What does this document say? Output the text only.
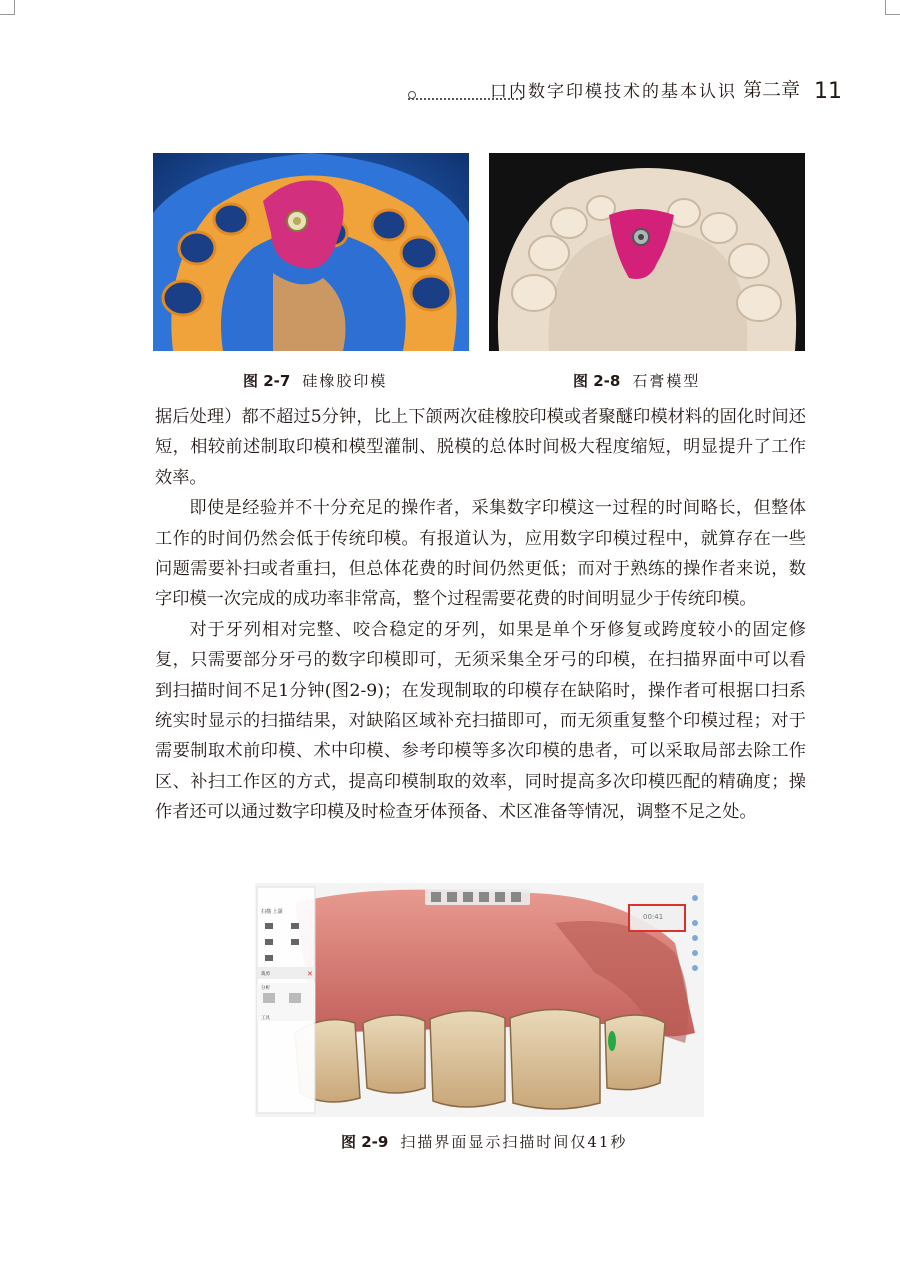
口内数字印模技术的基本认识 第二章 11
图 2-7 硅橡胶印模	图 2-8 石膏模型

据后处理）都不超过5分钟，比上下颌两次硅橡胶印模或者聚醚印模材料的固化时间还短，相较前述制取印模和模型灌制、脱模的总体时间极大程度缩短，明显提升了工作效率。

即使是经验并不十分充足的操作者，采集数字印模这一过程的时间略长，但整体工作的时间仍然会低于传统印模。有报道认为，应用数字印模过程中，就算存在一些问题需要补扫或者重扫，但总体花费的时间仍然更低；而对于熟练的操作者来说，数字印模一次完成的成功率非常高，整个过程需要花费的时间明显少于传统印模。

对于牙列相对完整、咬合稳定的牙列，如果是单个牙修复或跨度较小的固定修复，只需要部分牙弓的数字印模即可，无须采集全牙弓的印模，在扫描界面中可以看到扫描时间不足1分钟(图2-9)；在发现制取的印模存在缺陷时，操作者可根据口扫系统实时显示的扫描结果，对缺陷区域补充扫描即可，而无须重复整个印模过程；对于需要制取术前印模、术中印模、参考印模等多次印模的患者，可以采取局部去除工作区、补扫工作区的方式，提高印模制取的效率，同时提高多次印模匹配的精确度；操作者还可以通过数字印模及时检查牙体预备、术区准备等情况，调整不足之处。

扫描 上颌
裁剪	✕
分析
工具
00:41
图 2-9 扫描界面显示扫描时间仅41秒
